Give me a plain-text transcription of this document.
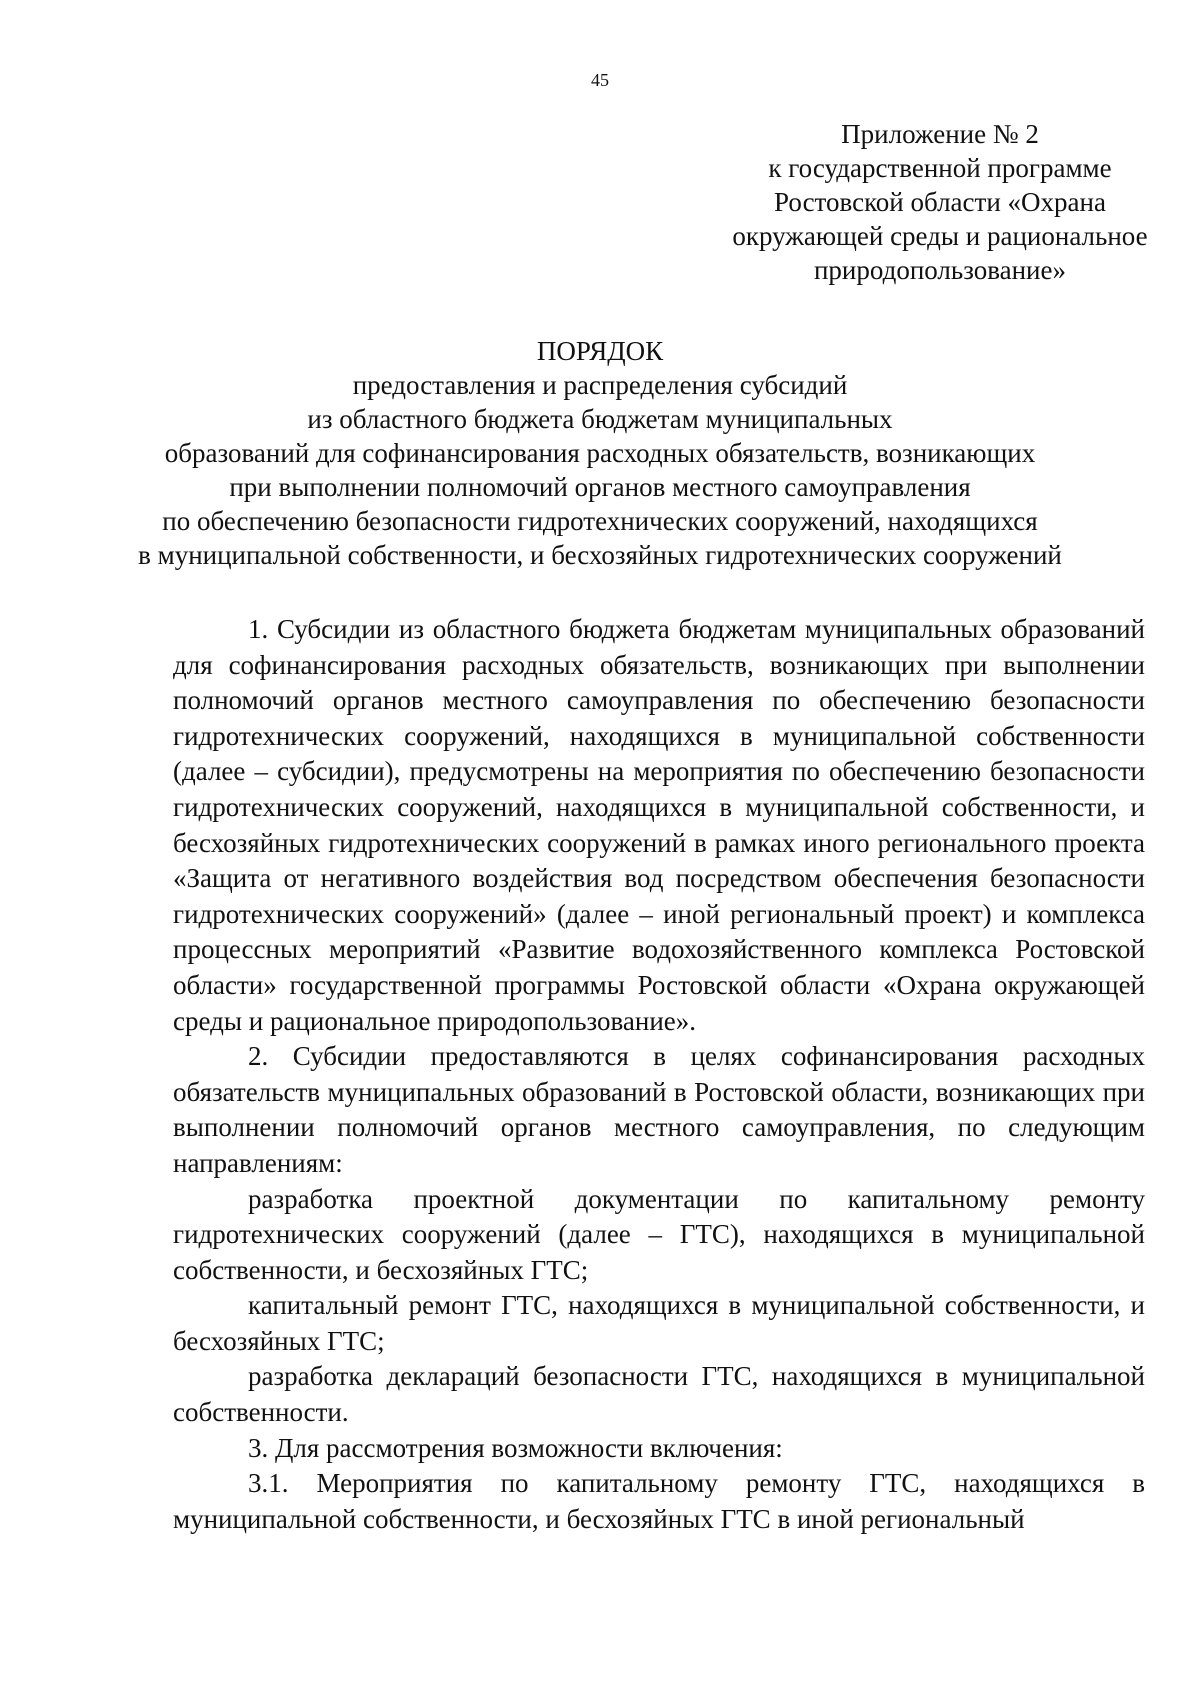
45
Приложение № 2
к государственной программе
Ростовской области «Охрана
окружающей среды и рациональное
природопользование»
ПОРЯДОК
предоставления и распределения субсидий
из областного бюджета бюджетам муниципальных
образований для софинансирования расходных обязательств, возникающих
при выполнении полномочий органов местного самоуправления
по обеспечению безопасности гидротехнических сооружений, находящихся
в муниципальной собственности, и бесхозяйных гидротехнических сооружений

1. Субсидии из областного бюджета бюджетам муниципальных образований для софинансирования расходных обязательств, возникающих при выполнении полномочий органов местного самоуправления по обеспечению безопасности гидротехнических сооружений, находящихся в муниципальной собственности (далее – субсидии), предусмотрены на мероприятия по обеспечению безопасности гидротехнических сооружений, находящихся в муниципальной собственности, и бесхозяйных гидротехнических сооружений в рамках иного регионального проекта «Защита от негативного воздействия вод посредством обеспечения безопасности гидротехнических сооружений» (далее – иной региональный проект) и комплекса процессных мероприятий «Развитие водохозяйственного комплекса Ростовской области» государственной программы Ростовской области «Охрана окружающей среды и рациональное природопользование».

2. Субсидии предоставляются в целях софинансирования расходных обязательств муниципальных образований в Ростовской области, возникающих при выполнении полномочий органов местного самоуправления, по следующим направлениям:

разработка проектной документации по капитальному ремонту гидротехнических сооружений (далее – ГТС), находящихся в муниципальной собственности, и бесхозяйных ГТС;

капитальный ремонт ГТС, находящихся в муниципальной собственности, и бесхозяйных ГТС;

разработка деклараций безопасности ГТС, находящихся в муниципальной собственности.

3. Для рассмотрения возможности включения:

3.1. Мероприятия по капитальному ремонту ГТС, находящихся в муниципальной собственности, и бесхозяйных ГТС в иной региональный
